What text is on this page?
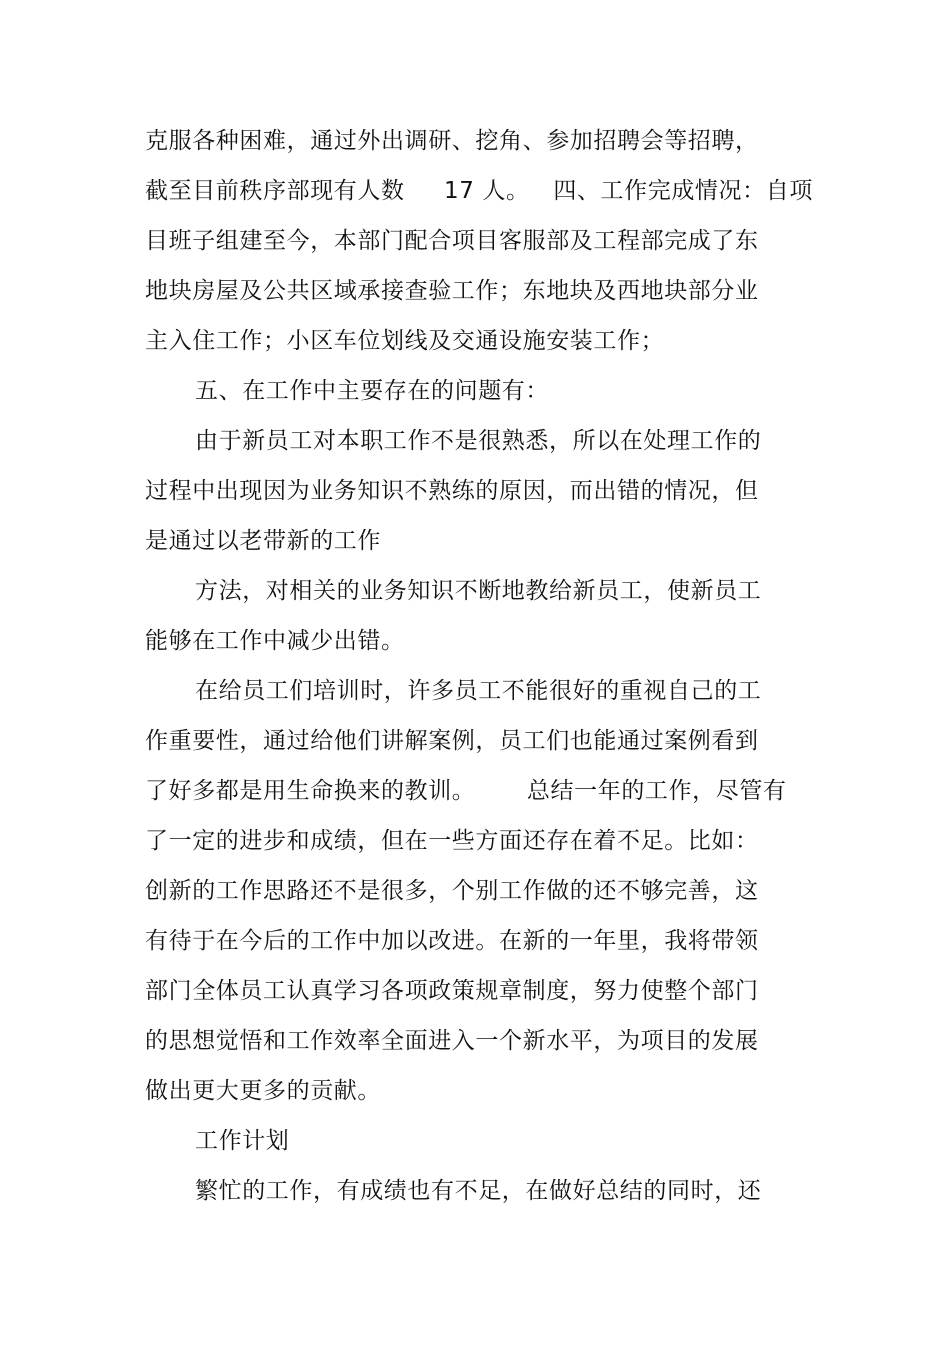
克服各种困难，通过外出调研、挖角、参加招聘会等招聘，
截至目前秩序部现有人数　  17 人。   四、工作完成情况：自项
目班子组建至今，本部门配合项目客服部及工程部完成了东
地块房屋及公共区域承接查验工作；东地块及西地块部分业
主入住工作；小区车位划线及交通设施安装工作；
五、在工作中主要存在的问题有：
由于新员工对本职工作不是很熟悉，所以在处理工作的
过程中出现因为业务知识不熟练的原因，而出错的情况，但
是通过以老带新的工作
方法，对相关的业务知识不断地教给新员工，使新员工
能够在工作中减少出错。
在给员工们培训时，许多员工不能很好的重视自己的工
作重要性，通过给他们讲解案例，员工们也能通过案例看到
了好多都是用生命换来的教训。　　  总结一年的工作，尽管有
了一定的进步和成绩，但在一些方面还存在着不足。比如：
创新的工作思路还不是很多，个别工作做的还不够完善，这
有待于在今后的工作中加以改进。在新的一年里，我将带领
部门全体员工认真学习各项政策规章制度，努力使整个部门
的思想觉悟和工作效率全面进入一个新水平，为项目的发展
做出更大更多的贡献。
工作计划
繁忙的工作，有成绩也有不足，在做好总结的同时，还
